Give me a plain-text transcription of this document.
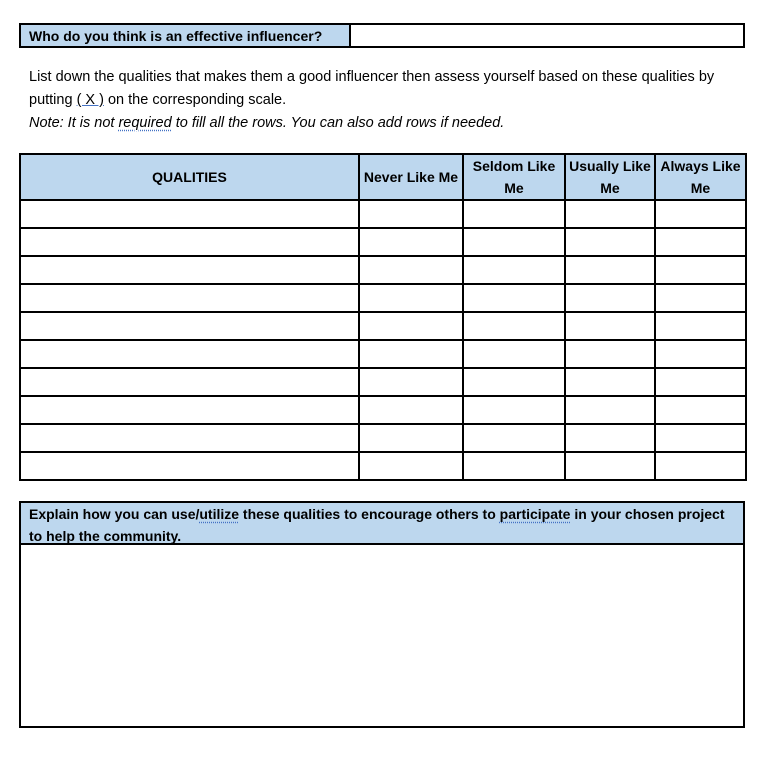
Who do you think is an effective influencer?

List down the qualities that makes them a good influencer then assess yourself based on these qualities by putting ( X ) on the corresponding scale.

Note: It is not required to fill all the rows. You can also add rows if needed.

QUALITIES	Never Like Me	Seldom Like Me	Usually Like Me	Always Like Me

Explain how you can use/utilize these qualities to encourage others to participate in your chosen project to help the community.
